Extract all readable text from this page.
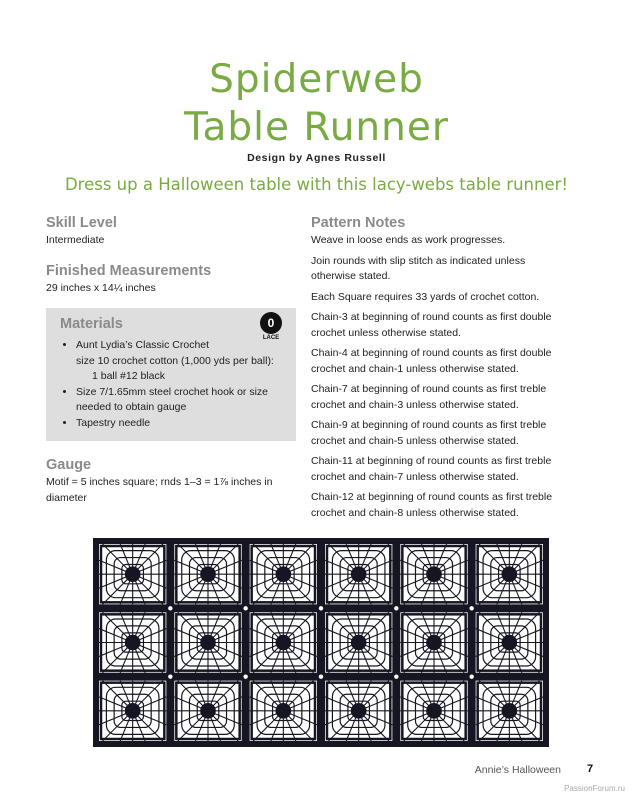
Spiderweb
Table Runner
Design by Agnes Russell
Dress up a Halloween table with this lacy-webs table runner!
Skill Level

Intermediate

Finished Measurements

29 inches x 14¼ inches

0
LACE
Materials
• Aunt Lydia’s Classic Crochet
size 10 crochet cotton (1,000 yds per ball):
1 ball #12 black
• Size 7/1.65mm steel crochet hook or size
needed to obtain gauge
• Tapestry needle
Gauge

Motif = 5 inches square; rnds 1–3 = 1⅞ inches in diameter

Pattern Notes

Weave in loose ends as work progresses.

Join rounds with slip stitch as indicated unless otherwise stated.

Each Square requires 33 yards of crochet cotton.

Chain-3 at beginning of round counts as first double crochet unless otherwise stated.

Chain-4 at beginning of round counts as first double crochet and chain-1 unless otherwise stated.

Chain-7 at beginning of round counts as first treble crochet and chain-3 unless otherwise stated.

Chain-9 at beginning of round counts as first treble crochet and chain-5 unless otherwise stated.

Chain-11 at beginning of round counts as first treble crochet and chain-7 unless otherwise stated.

Chain-12 at beginning of round counts as first treble crochet and chain-8 unless otherwise stated.

Annie’s Halloween 7
PassionForum.ru
